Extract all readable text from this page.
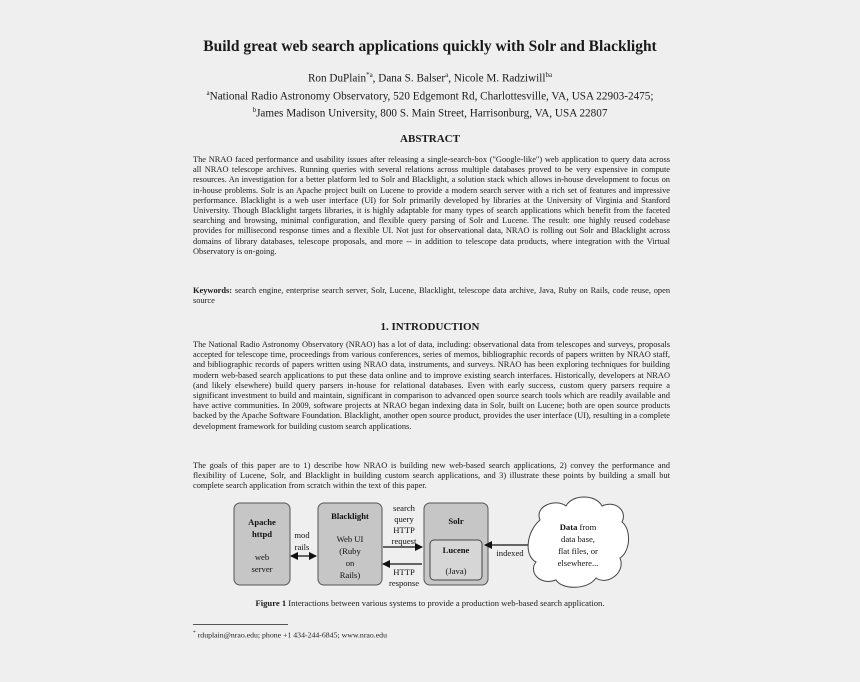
Build great web search applications quickly with Solr and Blacklight
Ron DuPlain$^{*a}$, Dana S. Balser$^a$, Nicole M. Radziwill$^{ba}$
$^a$National Radio Astronomy Observatory, 520 Edgemont Rd, Charlottesville, VA, USA 22903-2475;
$^b$James Madison University, 800 S. Main Street, Harrisonburg, VA, USA 22807
ABSTRACT
The NRAO faced performance and usability issues after releasing a single-search-box ("Google-like") web application to query data across all NRAO telescope archives. Running queries with several relations across multiple databases proved to be very expensive in compute resources. An investigation for a better platform led to Solr and Blacklight, a solution stack which allows in-house development to focus on in-house problems. Solr is an Apache project built on Lucene to provide a modern search server with a rich set of features and impressive performance. Blacklight is a web user interface (UI) for Solr primarily developed by libraries at the University of Virginia and Stanford University. Though Blacklight targets libraries, it is highly adaptable for many types of search applications which benefit from the faceted searching and browsing, minimal configuration, and flexible query parsing of Solr and Lucene. The result: one highly reused codebase provides for millisecond response times and a flexible UI. Not just for observational data, NRAO is rolling out Solr and Blacklight across domains of library databases, telescope proposals, and more -- in addition to telescope data products, where integration with the Virtual Observatory is on-going.
Keywords: search engine, enterprise search server, Solr, Lucene, Blacklight, telescope data archive, Java, Ruby on Rails, code reuse, open source
1. INTRODUCTION
The National Radio Astronomy Observatory (NRAO) has a lot of data, including: observational data from telescopes and surveys, proposals accepted for telescope time, proceedings from various conferences, series of memos, bibliographic records of papers written by NRAO staff, and bibliographic records of papers written using NRAO data, instruments, and surveys. NRAO has been exploring techniques for building modern web-based search applications to put these data online and to improve existing search interfaces. Historically, developers at NRAO (and likely elsewhere) build query parsers in-house for relational databases. Even with early success, custom query parsers require a significant investment to build and maintain, significant in comparison to advanced open source search tools which are readily available and have active communities. In 2009, software projects at NRAO began indexing data in Solr, built on Lucene; both are open source products backed by the Apache Software Foundation. Blacklight, another open source product, provides the user interface (UI), resulting in a complete development framework for building custom search applications.
The goals of this paper are to 1) describe how NRAO is building new web-based search applications, 2) convey the performance and flexibility of Lucene, Solr, and Blacklight in building custom search applications, and 3) illustrate these points by building a small but complete search application from scratch within the text of this paper.
Apache
httpd
web
server
mod
rails
Blacklight
Web UI
(Ruby
on
Rails)
search
query
HTTP
request
HTTP
response
Solr
Lucene
(Java)
indexed
Data from
data base,
flat files, or
elsewhere...
Figure 1 Interactions between various systems to provide a production web-based search application.
* rduplain@nrao.edu; phone +1 434-244-6845; www.nrao.edu
